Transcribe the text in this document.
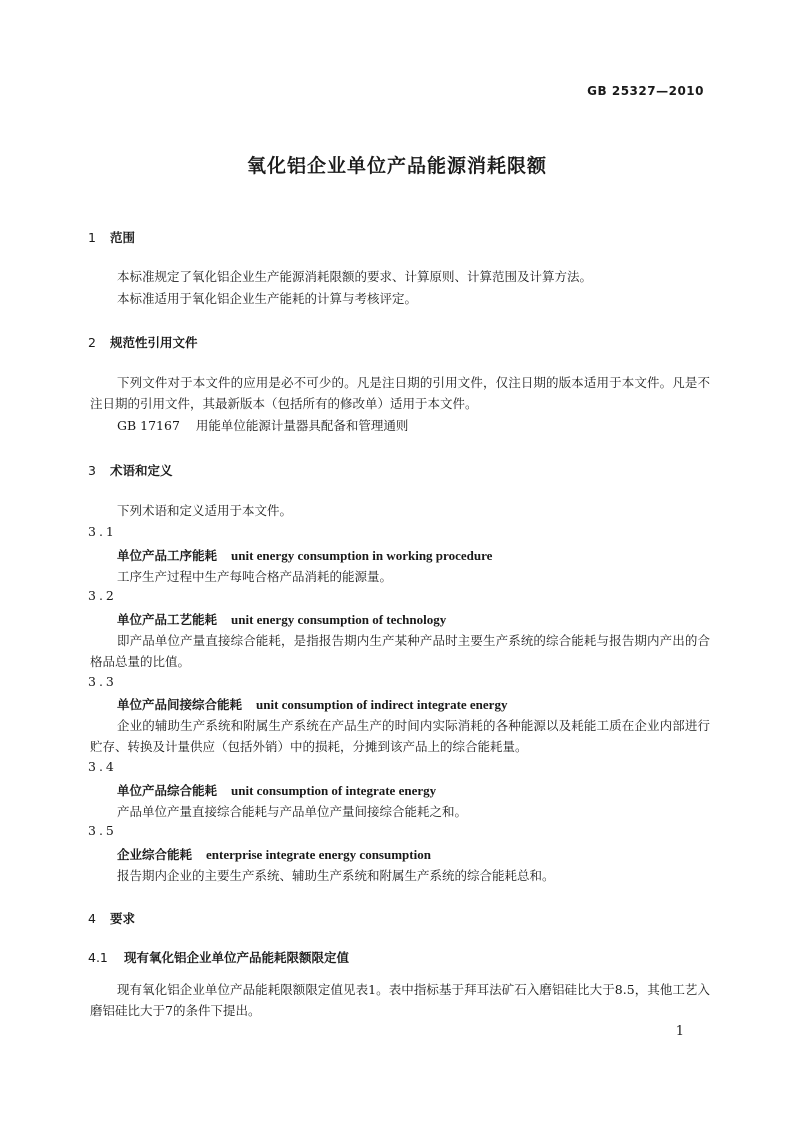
GB 25327—2010
氧化铝企业单位产品能源消耗限额
1 范围
本标准规定了氧化铝企业生产能源消耗限额的要求、计算原则、计算范围及计算方法。
本标准适用于氧化铝企业生产能耗的计算与考核评定。
2 规范性引用文件
下列文件对于本文件的应用是必不可少的。凡是注日期的引用文件，仅注日期的版本适用于本文件。凡是不注日期的引用文件，其最新版本（包括所有的修改单）适用于本文件。
GB 17167 用能单位能源计量器具配备和管理通则
3 术语和定义
下列术语和定义适用于本文件。
3.1
单位产品工序能耗 unit energy consumption in working procedure
工序生产过程中生产每吨合格产品消耗的能源量。
3.2
单位产品工艺能耗 unit energy consumption of technology
即产品单位产量直接综合能耗，是指报告期内生产某种产品时主要生产系统的综合能耗与报告期内产出的合格品总量的比值。
3.3
单位产品间接综合能耗 unit consumption of indirect integrate energy
企业的辅助生产系统和附属生产系统在产品生产的时间内实际消耗的各种能源以及耗能工质在企业内部进行贮存、转换及计量供应（包括外销）中的损耗，分摊到该产品上的综合能耗量。
3.4
单位产品综合能耗 unit consumption of integrate energy
产品单位产量直接综合能耗与产品单位产量间接综合能耗之和。
3.5
企业综合能耗 enterprise integrate energy consumption
报告期内企业的主要生产系统、辅助生产系统和附属生产系统的综合能耗总和。
4 要求
4.1 现有氧化铝企业单位产品能耗限额限定值
现有氧化铝企业单位产品能耗限额限定值见表1。表中指标基于拜耳法矿石入磨铝硅比大于8.5，其他工艺入磨铝硅比大于7的条件下提出。
1
